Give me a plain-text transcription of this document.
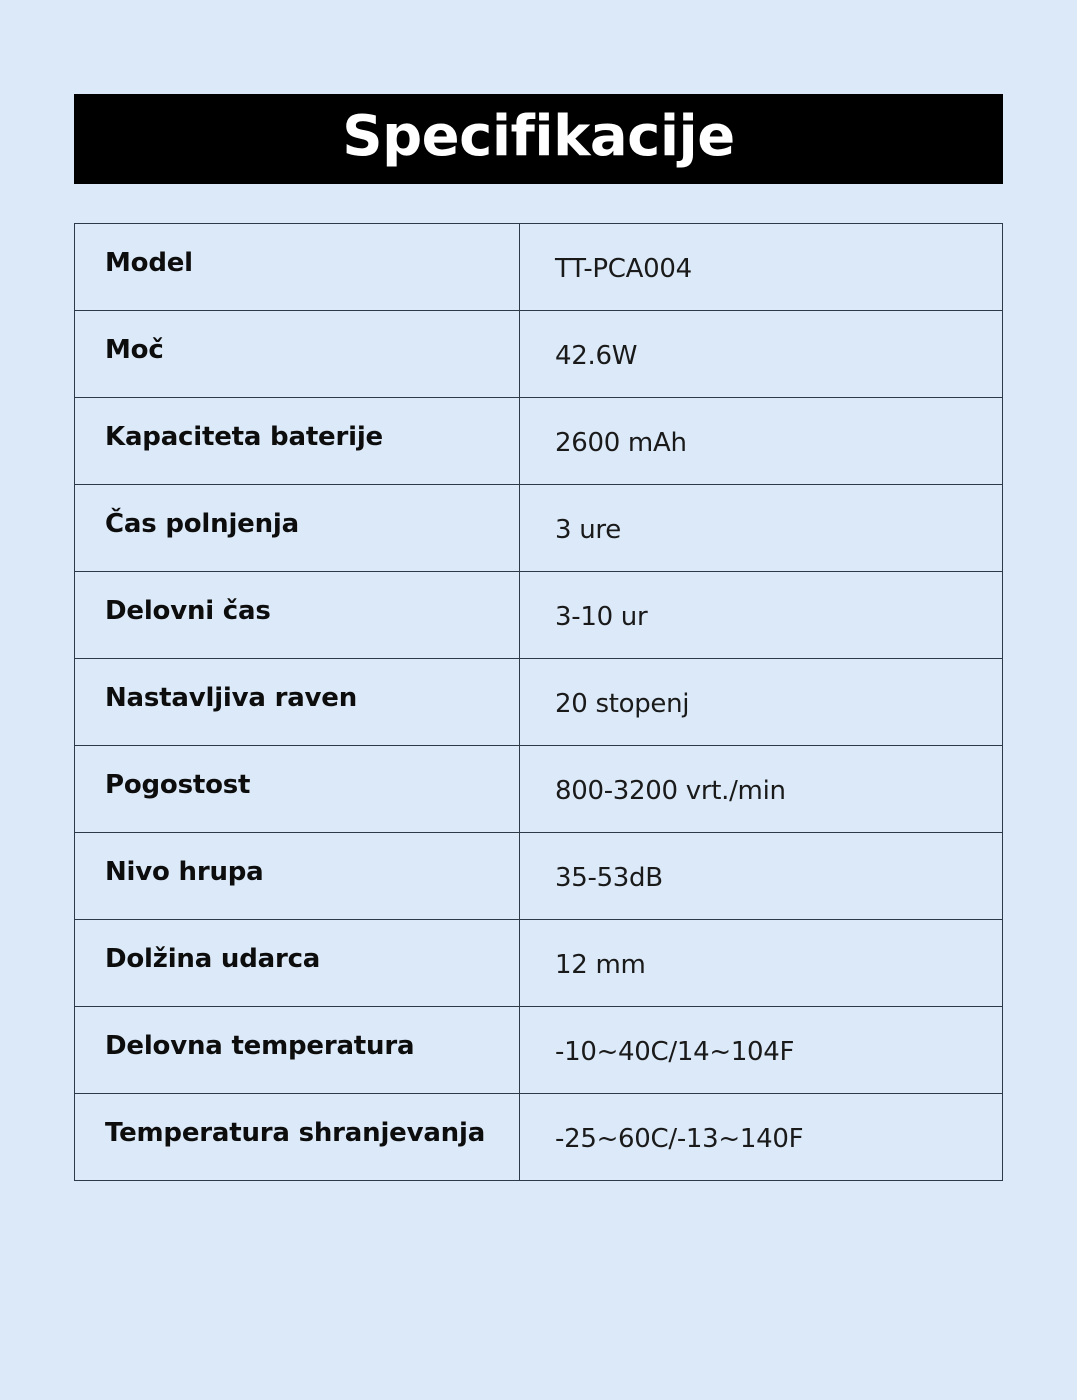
Specifikacije
Model	TT-PCA004
Moč	42.6W
Kapaciteta baterije	2600 mAh
Čas polnjenja	3 ure
Delovni čas	3-10 ur
Nastavljiva raven	20 stopenj
Pogostost	800-3200 vrt./min
Nivo hrupa	35-53dB
Dolžina udarca	12 mm
Delovna temperatura	-10~40C/14~104F
Temperatura shranjevanja	-25~60C/-13~140F
